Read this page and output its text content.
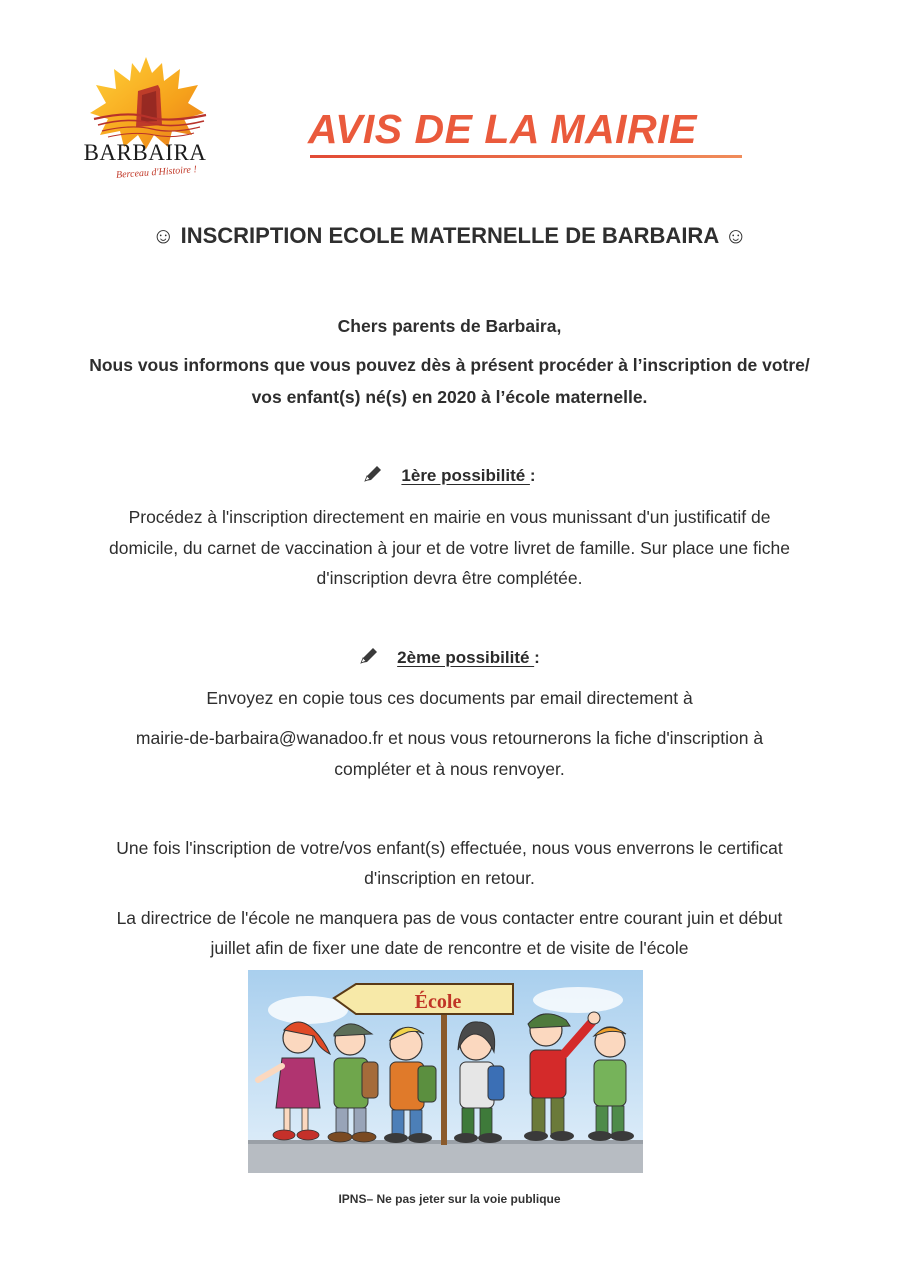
BARBAIRA
Berceau d'Histoire !
AVIS DE LA MAIRIE
☺ INSCRIPTION ECOLE MATERNELLE DE BARBAIRA ☺
Chers parents de Barbaira,
Nous vous informons que vous pouvez dès à présent procéder à l’inscription de votre/
vos enfant(s) né(s) en 2020 à l’école maternelle.
1ère possibilité :
Procédez à l'inscription directement en mairie en vous munissant d'un justificatif de
domicile, du carnet de vaccination à jour et de votre livret de famille. Sur place une fiche
d'inscription devra être complétée.
2ème possibilité :
Envoyez en copie tous ces documents par email directement à
mairie-de-barbaira@wanadoo.fr et nous vous retournerons la fiche d'inscription à
compléter et à nous renvoyer.
Une fois l'inscription de votre/vos enfant(s) effectuée, nous vous enverrons le certificat
d'inscription en retour.
La directrice de l'école ne manquera pas de vous contacter entre courant juin et début
juillet afin de fixer une date de rencontre et de visite de l'école
École
IPNS– Ne pas jeter sur la voie publique
